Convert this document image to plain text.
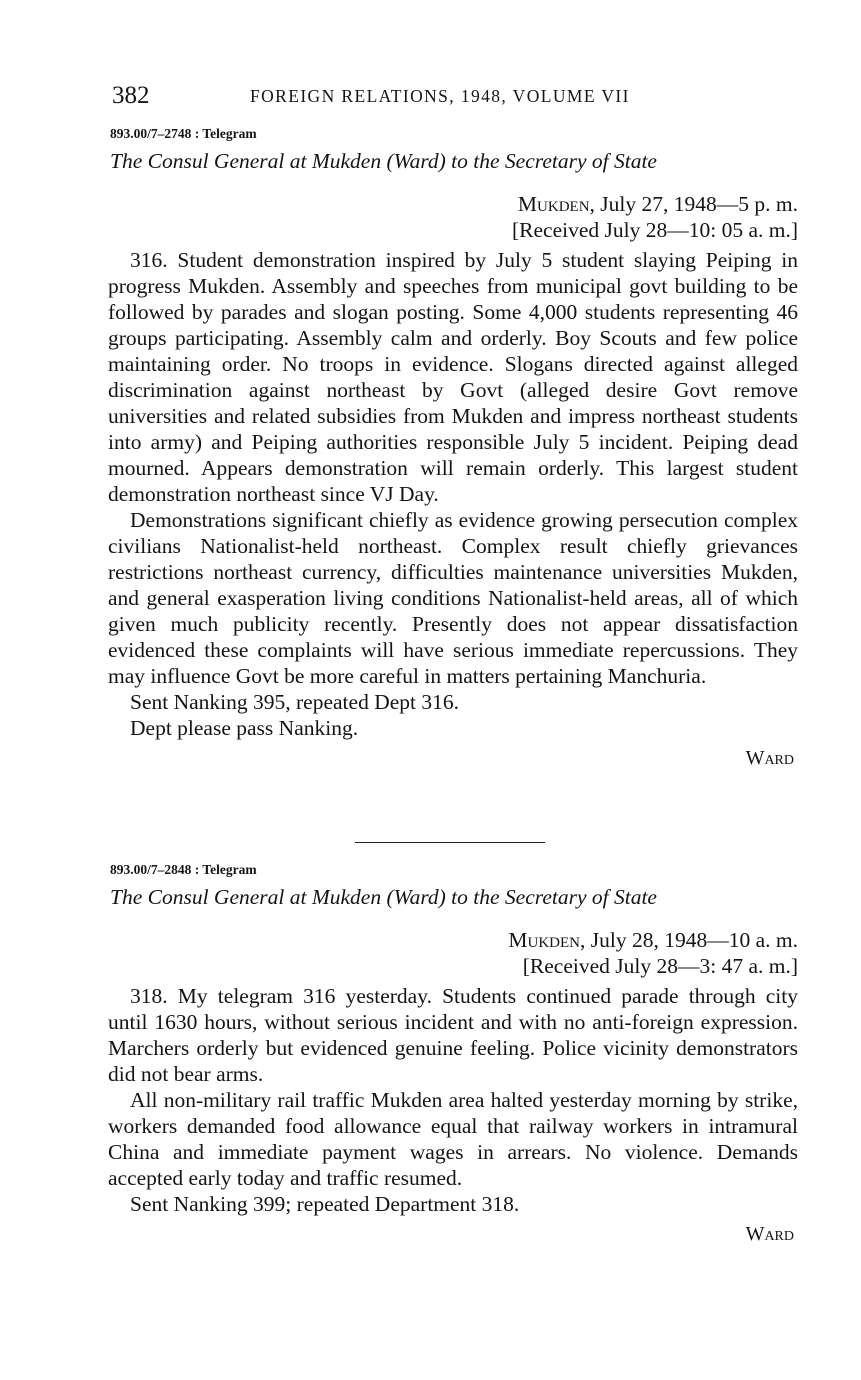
382	FOREIGN RELATIONS, 1948, VOLUME VII
893.00/7–2748 : Telegram
The Consul General at Mukden (Ward) to the Secretary of State
Mukden, July 27, 1948—5 p. m.
[Received July 28—10: 05 a. m.]

316. Student demonstration inspired by July 5 student slaying Peiping in progress Mukden. Assembly and speeches from municipal govt building to be followed by parades and slogan posting. Some 4,000 students representing 46 groups participating. Assembly calm and orderly. Boy Scouts and few police maintaining order. No troops in evidence. Slogans directed against alleged discrimination against northeast by Govt (alleged desire Govt remove universities and related subsidies from Mukden and impress northeast students into army) and Peiping authorities responsible July 5 incident. Peiping dead mourned. Appears demonstration will remain orderly. This largest student demonstration northeast since VJ Day.

Demonstrations significant chiefly as evidence growing persecution complex civilians Nationalist-held northeast. Complex result chiefly grievances restrictions northeast currency, difficulties maintenance universities Mukden, and general exasperation living conditions Nationalist-held areas, all of which given much publicity recently. Presently does not appear dissatisfaction evidenced these complaints will have serious immediate repercussions. They may influence Govt be more careful in matters pertaining Manchuria.

Sent Nanking 395, repeated Dept 316.

Dept please pass Nanking.

Ward
893.00/7–2848 : Telegram
The Consul General at Mukden (Ward) to the Secretary of State
Mukden, July 28, 1948—10 a. m.
[Received July 28—3: 47 a. m.]

318. My telegram 316 yesterday. Students continued parade through city until 1630 hours, without serious incident and with no anti-foreign expression. Marchers orderly but evidenced genuine feeling. Police vicinity demonstrators did not bear arms.

All non-military rail traffic Mukden area halted yesterday morning by strike, workers demanded food allowance equal that railway workers in intramural China and immediate payment wages in arrears. No violence. Demands accepted early today and traffic resumed.

Sent Nanking 399; repeated Department 318.

Ward
